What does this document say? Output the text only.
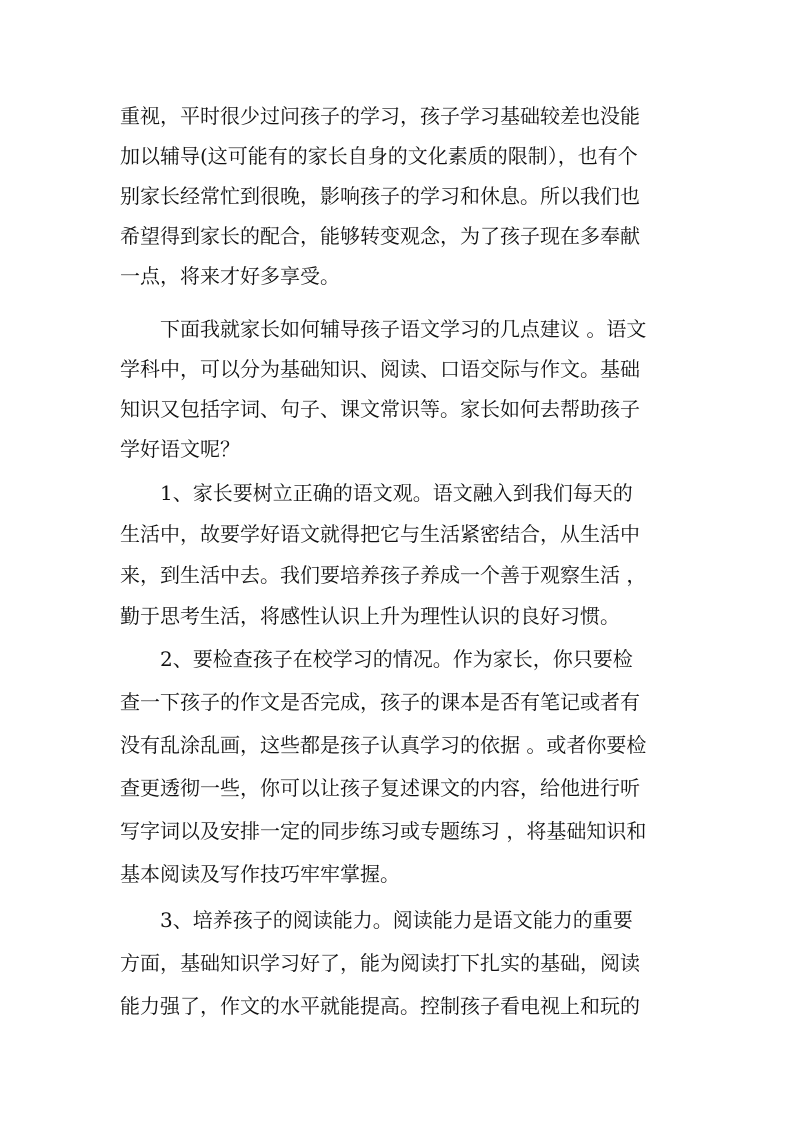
重视，平时很少过问孩子的学习，孩子学习基础较差也没能
加以辅导(这可能有的家长自身的文化素质的限制），也有个
别家长经常忙到很晚，影响孩子的学习和休息。所以我们也
希望得到家长的配合，能够转变观念，为了孩子现在多奉献
一点，将来才好多享受。
下面我就家长如何辅导孩子语文学习的几点建议 。语文
学科中，可以分为基础知识、阅读、口语交际与作文。基础
知识又包括字词、句子、课文常识等。家长如何去帮助孩子
学好语文呢？
1、家长要树立正确的语文观。语文融入到我们每天的
生活中，故要学好语文就得把它与生活紧密结合，从生活中
来，到生活中去。我们要培养孩子养成一个善于观察生活 ，
勤于思考生活，将感性认识上升为理性认识的良好习惯。
2、要检查孩子在校学习的情况。作为家长，你只要检
查一下孩子的作文是否完成，孩子的课本是否有笔记或者有
没有乱涂乱画，这些都是孩子认真学习的依据 。或者你要检
查更透彻一些，你可以让孩子复述课文的内容，给他进行听
写字词以及安排一定的同步练习或专题练习 ，将基础知识和
基本阅读及写作技巧牢牢掌握。
3、培养孩子的阅读能力。阅读能力是语文能力的重要
方面，基础知识学习好了，能为阅读打下扎实的基础，阅读
能力强了，作文的水平就能提高。控制孩子看电视上和玩的
